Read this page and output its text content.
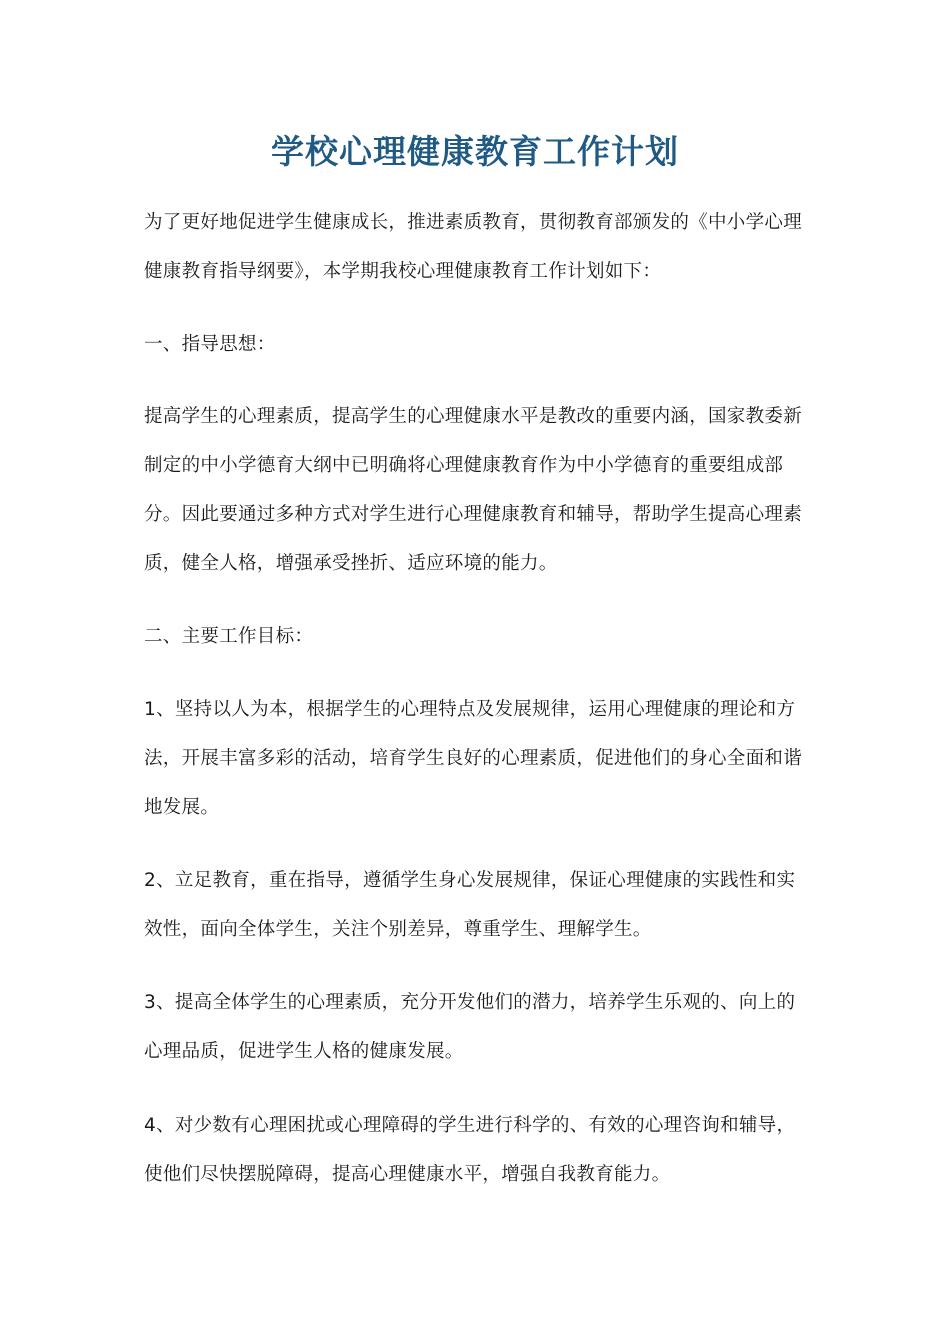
学校心理健康教育工作计划

为了更好地促进学生健康成长，推进素质教育，贯彻教育部颁发的《中小学心理健康教育指导纲要》，本学期我校心理健康教育工作计划如下：

一、指导思想：

提高学生的心理素质，提高学生的心理健康水平是教改的重要内涵，国家教委新制定的中小学德育大纲中已明确将心理健康教育作为中小学德育的重要组成部分。因此要通过多种方式对学生进行心理健康教育和辅导，帮助学生提高心理素质，健全人格，增强承受挫折、适应环境的能力。

二、主要工作目标：

1、坚持以人为本，根据学生的心理特点及发展规律，运用心理健康的理论和方法，开展丰富多彩的活动，培育学生良好的心理素质，促进他们的身心全面和谐地发展。

2、立足教育，重在指导，遵循学生身心发展规律，保证心理健康的实践性和实效性，面向全体学生，关注个别差异，尊重学生、理解学生。

3、提高全体学生的心理素质，充分开发他们的潜力，培养学生乐观的、向上的心理品质，促进学生人格的健康发展。

4、对少数有心理困扰或心理障碍的学生进行科学的、有效的心理咨询和辅导，使他们尽快摆脱障碍，提高心理健康水平，增强自我教育能力。
